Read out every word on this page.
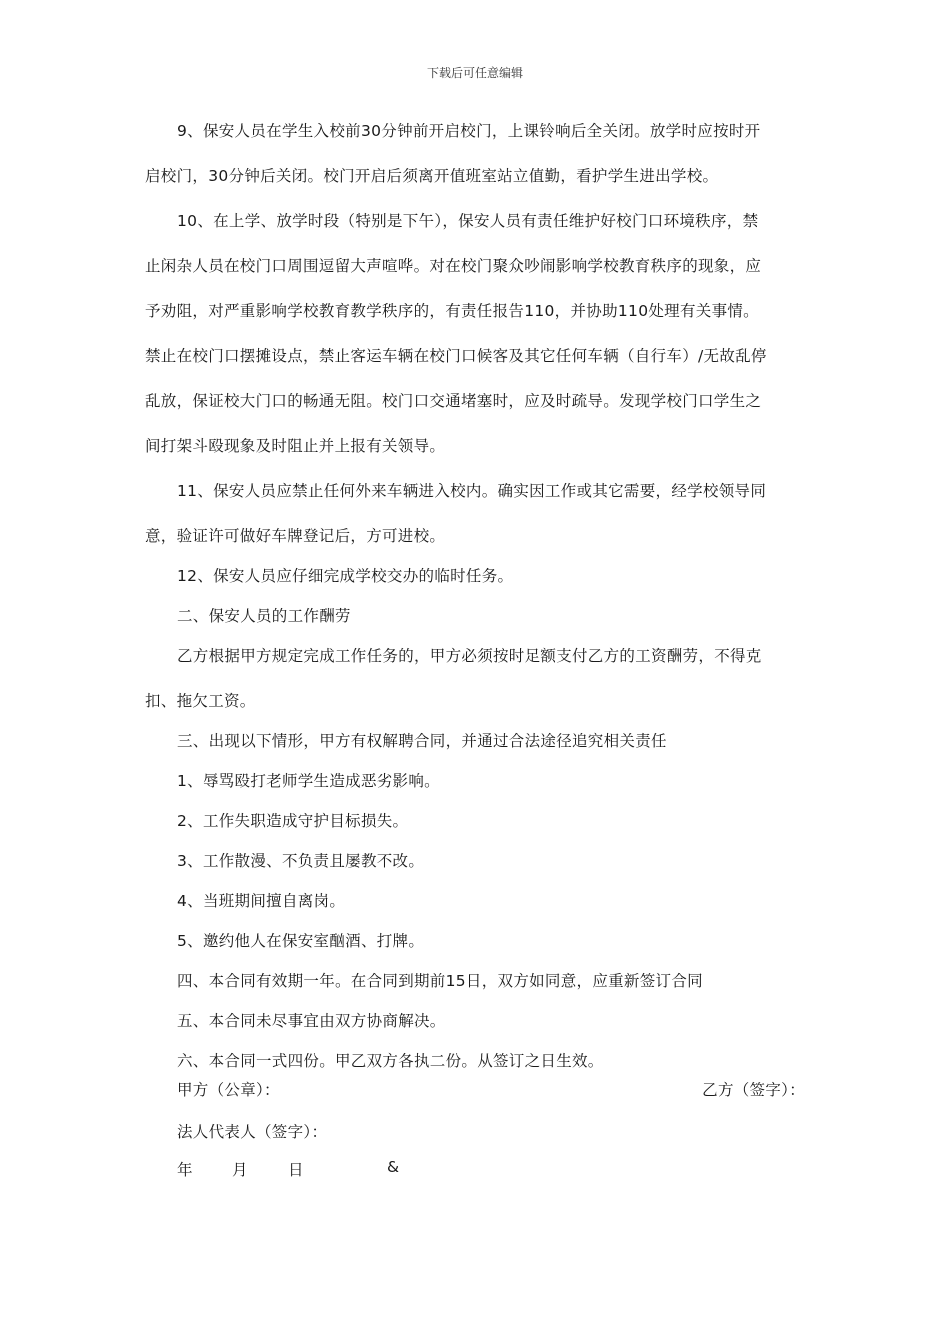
下载后可任意编辑
9、保安人员在学生入校前30分钟前开启校门，上课铃响后全关闭。放学时应按时开
启校门，30分钟后关闭。校门开启后须离开值班室站立值勤，看护学生进出学校。
10、在上学、放学时段（特别是下午），保安人员有责任维护好校门口环境秩序，禁
止闲杂人员在校门口周围逗留大声喧哗。对在校门聚众吵闹影响学校教育秩序的现象，应
予劝阻，对严重影响学校教育教学秩序的，有责任报告110，并协助110处理有关事情。
禁止在校门口摆摊设点，禁止客运车辆在校门口候客及其它任何车辆（自行车）/无故乱停
乱放，保证校大门口的畅通无阻。校门口交通堵塞时，应及时疏导。发现学校门口学生之
间打架斗殴现象及时阻止并上报有关领导。
11、保安人员应禁止任何外来车辆进入校内。确实因工作或其它需要，经学校领导同
意，验证许可做好车牌登记后，方可进校。
12、保安人员应仔细完成学校交办的临时任务。
二、保安人员的工作酬劳
乙方根据甲方规定完成工作任务的，甲方必须按时足额支付乙方的工资酬劳，不得克
扣、拖欠工资。
三、出现以下情形，甲方有权解聘合同，并通过合法途径追究相关责任
1、辱骂殴打老师学生造成恶劣影响。
2、工作失职造成守护目标损失。
3、工作散漫、不负责且屡教不改。
4、当班期间擅自离岗。
5、邀约他人在保安室酗酒、打牌。
四、本合同有效期一年。在合同到期前15日，双方如同意，应重新签订合同
五、本合同未尽事宜由双方协商解决。
六、本合同一式四份。甲乙双方各执二份。从签订之日生效。
甲方（公章）：	乙方（签字）：
法人代表人（签字）：
年	月	日	&
